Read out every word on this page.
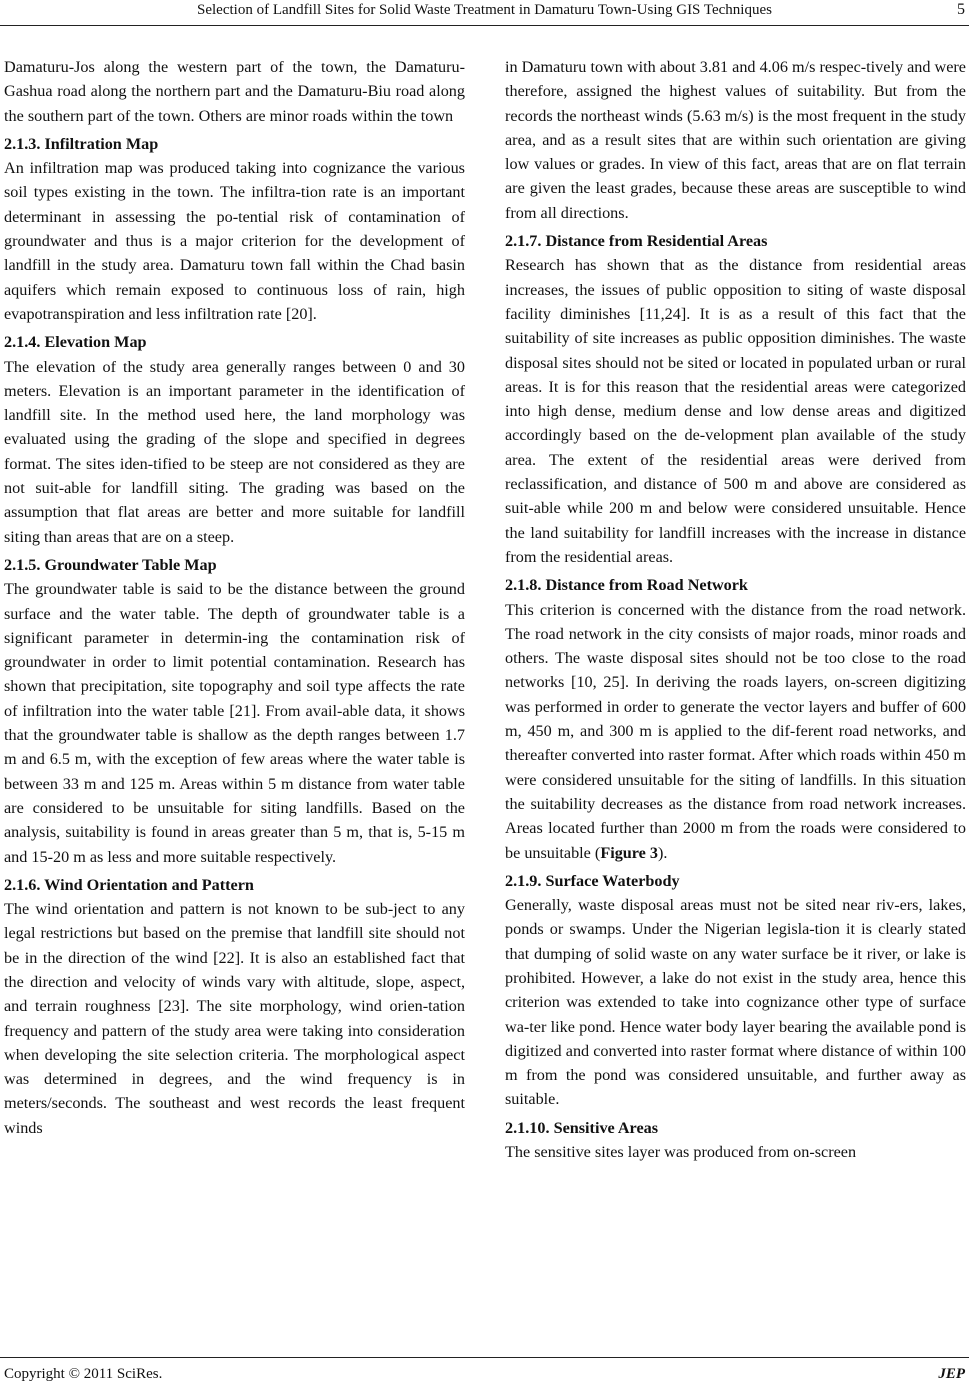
Selection of Landfill Sites for Solid Waste Treatment in Damaturu Town-Using GIS Techniques	5

Damaturu-Jos along the western part of the town, the Damaturu-Gashua road along the northern part and the Damaturu-Biu road along the southern part of the town. Others are minor roads within the town

2.1.3. Infiltration Map

An infiltration map was produced taking into cognizance the various soil types existing in the town. The infiltra-tion rate is an important determinant in assessing the po-tential risk of contamination of groundwater and thus is a major criterion for the development of landfill in the study area. Damaturu town fall within the Chad basin aquifers which remain exposed to continuous loss of rain, high evapotranspiration and less infiltration rate [20].

2.1.4. Elevation Map

The elevation of the study area generally ranges between 0 and 30 meters. Elevation is an important parameter in the identification of landfill site. In the method used here, the land morphology was evaluated using the grading of the slope and specified in degrees format. The sites iden-tified to be steep are not considered as they are not suit-able for landfill siting. The grading was based on the assumption that flat areas are better and more suitable for landfill siting than areas that are on a steep.

2.1.5. Groundwater Table Map

The groundwater table is said to be the distance between the ground surface and the water table. The depth of groundwater table is a significant parameter in determin-ing the contamination risk of groundwater in order to limit potential contamination. Research has shown that precipitation, site topography and soil type affects the rate of infiltration into the water table [21]. From avail-able data, it shows that the groundwater table is shallow as the depth ranges between 1.7 m and 6.5 m, with the exception of few areas where the water table is between 33 m and 125 m. Areas within 5 m distance from water table are considered to be unsuitable for siting landfills. Based on the analysis, suitability is found in areas greater than 5 m, that is, 5-15 m and 15-20 m as less and more suitable respectively.

2.1.6. Wind Orientation and Pattern

The wind orientation and pattern is not known to be sub-ject to any legal restrictions but based on the premise that landfill site should not be in the direction of the wind [22]. It is also an established fact that the direction and velocity of winds vary with altitude, slope, aspect, and terrain roughness [23]. The site morphology, wind orien-tation frequency and pattern of the study area were taking into consideration when developing the site selection criteria. The morphological aspect was determined in degrees, and the wind frequency is in meters/seconds. The southeast and west records the least frequent winds

in Damaturu town with about 3.81 and 4.06 m/s respec-tively and were therefore, assigned the highest values of suitability. But from the records the northeast winds (5.63 m/s) is the most frequent in the study area, and as a result sites that are within such orientation are giving low values or grades. In view of this fact, areas that are on flat terrain are given the least grades, because these areas are susceptible to wind from all directions.

2.1.7. Distance from Residential Areas

Research has shown that as the distance from residential areas increases, the issues of public opposition to siting of waste disposal facility diminishes [11,24]. It is as a result of this fact that the suitability of site increases as public opposition diminishes. The waste disposal sites should not be sited or located in populated urban or rural areas. It is for this reason that the residential areas were categorized into high dense, medium dense and low dense areas and digitized accordingly based on the de-velopment plan available of the study area. The extent of the residential areas were derived from reclassification, and distance of 500 m and above are considered as suit-able while 200 m and below were considered unsuitable. Hence the land suitability for landfill increases with the increase in distance from the residential areas.

2.1.8. Distance from Road Network

This criterion is concerned with the distance from the road network. The road network in the city consists of major roads, minor roads and others. The waste disposal sites should not be too close to the road networks [10, 25]. In deriving the roads layers, on-screen digitizing was performed in order to generate the vector layers and buffer of 600 m, 450 m, and 300 m is applied to the dif-ferent road networks, and thereafter converted into raster format. After which roads within 450 m were considered unsuitable for the siting of landfills. In this situation the suitability decreases as the distance from road network increases. Areas located further than 2000 m from the roads were considered to be unsuitable (Figure 3).

2.1.9. Surface Waterbody

Generally, waste disposal areas must not be sited near riv-ers, lakes, ponds or swamps. Under the Nigerian legisla-tion it is clearly stated that dumping of solid waste on any water surface be it river, or lake is prohibited. However, a lake do not exist in the study area, hence this criterion was extended to take into cognizance other type of surface wa-ter like pond. Hence water body layer bearing the available pond is digitized and converted into raster format where distance of within 100 m from the pond was considered unsuitable, and further away as suitable.

2.1.10. Sensitive Areas

The sensitive sites layer was produced from on-screen

Copyright © 2011 SciRes.	JEP
